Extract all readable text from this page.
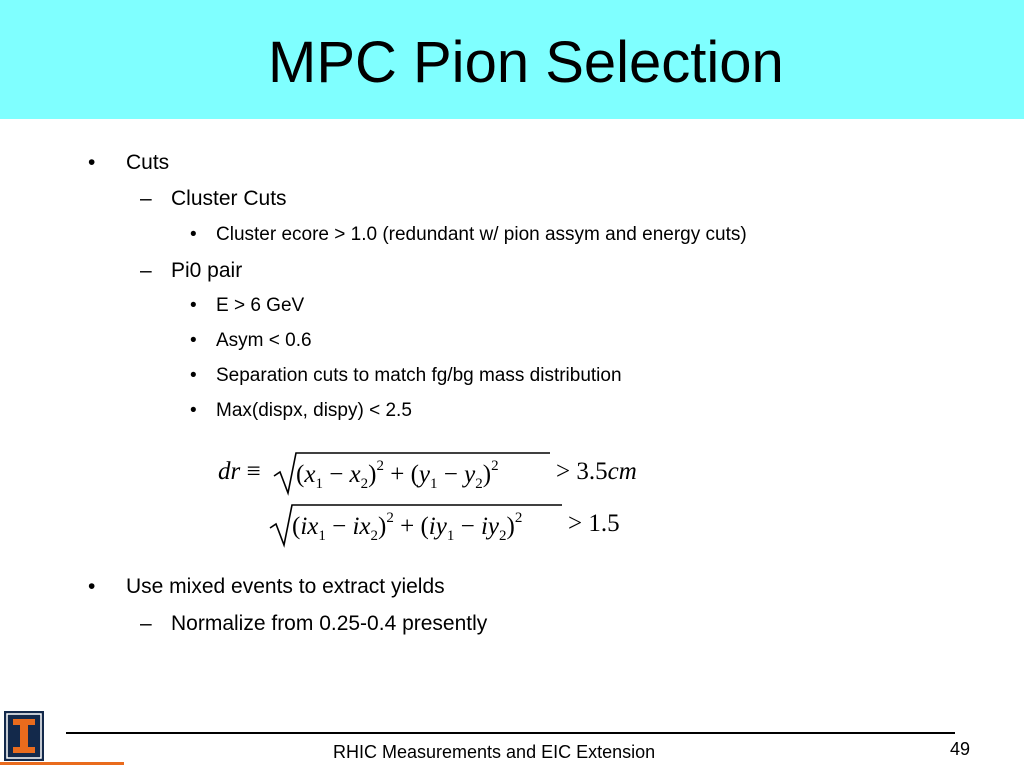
MPC Pion Selection
• Cuts
– Cluster Cuts
• Cluster ecore > 1.0 (redundant w/ pion assym and energy cuts)
– Pi0 pair
• E > 6 GeV
• Asym < 0.6
• Separation cuts to match fg/bg mass distribution
• Max(dispx, dispy) < 2.5
dr ≡ $(x_1 - x_2)^2 + (y_1 - y_2)^2 > 3.5cm$
$(ix_1 - ix_2)^2 + (iy_1 - iy_2)^2 > 1.5$
• Use mixed events to extract yields
– Normalize from 0.25-0.4 presently
RHIC Measurements and EIC Extension	49
